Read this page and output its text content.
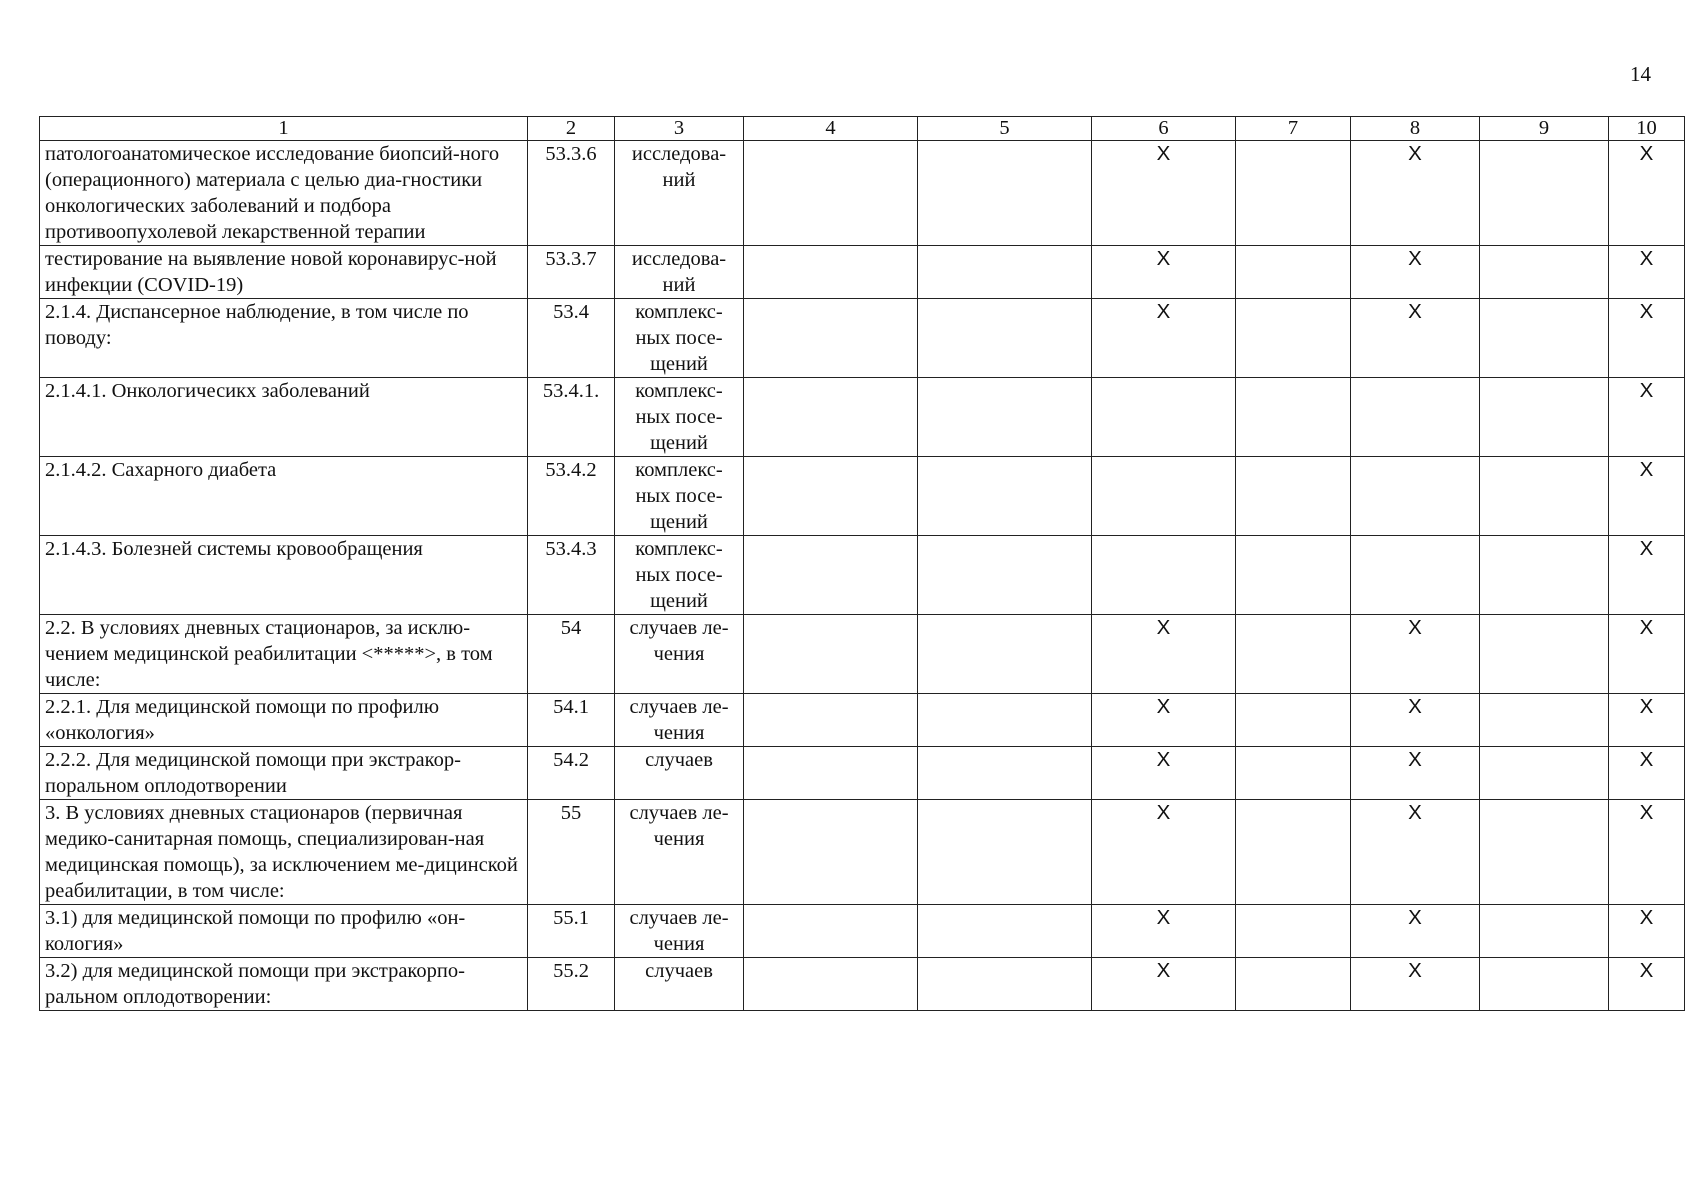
14
1	2	3	4	5	6	7	8	9	10
патологоанатомическое исследование биопсий-ного (операционного) материала с целью диа-гностики онкологических заболеваний и подбора противоопухолевой лекарственной терапии	53.3.6	исследова-ний			X		X		X
тестирование на выявление новой коронавирус-ной инфекции (COVID-19)	53.3.7	исследова-ний			X		X		X
2.1.4. Диспансерное наблюдение, в том числе по поводу:	53.4	комплекс-ных посе-щений			X		X		X
2.1.4.1. Онкологичесикх заболеваний	53.4.1.	комплекс-ных посе-щений							X
2.1.4.2. Сахарного диабета	53.4.2	комплекс-ных посе-щений							X
2.1.4.3. Болезней системы кровообращения	53.4.3	комплекс-ных посе-щений							X
2.2. В условиях дневных стационаров, за исклю-чением медицинской реабилитации <*****>, в том числе:	54	случаев ле-чения			X		X		X
2.2.1. Для медицинской помощи по профилю «онкология»	54.1	случаев ле-чения			X		X		X
2.2.2. Для медицинской помощи при экстракор-поральном оплодотворении	54.2	случаев			X		X		X
3. В условиях дневных стационаров (первичная медико-санитарная помощь, специализирован-ная медицинская помощь), за исключением ме-дицинской реабилитации, в том числе:	55	случаев ле-чения			X		X		X
3.1) для медицинской помощи по профилю «он-кология»	55.1	случаев ле-чения			X		X		X
3.2) для медицинской помощи при экстракорпо-ральном оплодотворении:	55.2	случаев			X		X		X
